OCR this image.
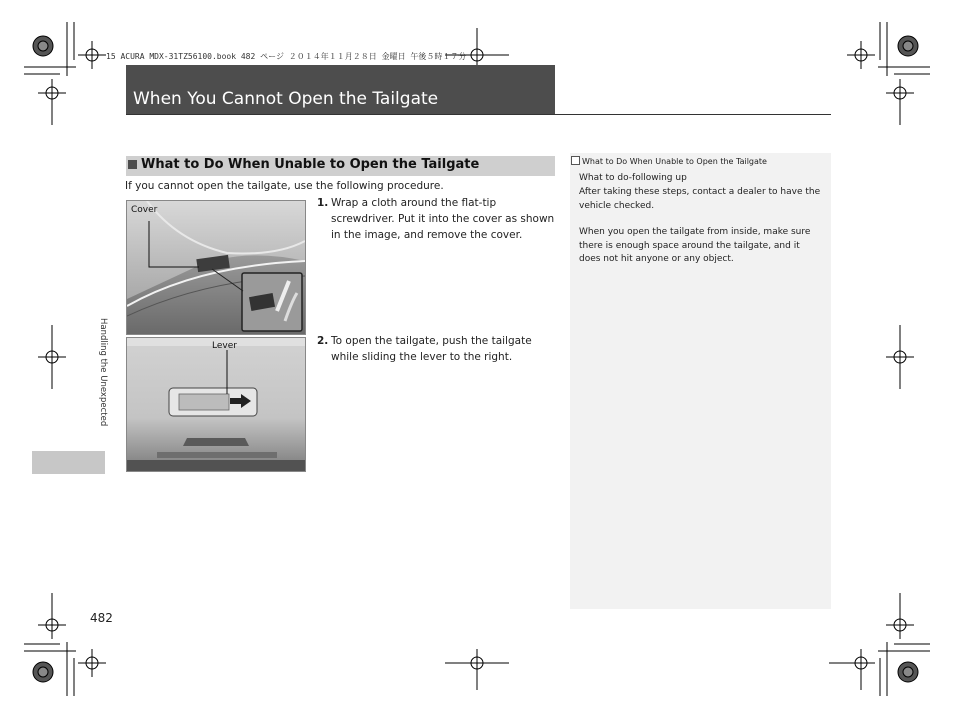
15 ACURA MDX-31TZ56100.book 482 ページ ２０１４年１１月２８日 金曜日 午後５時１７分
When You Cannot Open the Tailgate
What to Do When Unable to Open the Tailgate
If you cannot open the tailgate, use the following procedure.
Cover
Lever
1. Wrap a cloth around the flat-tip
screwdriver. Put it into the cover as shown
in the image, and remove the cover.
2. To open the tailgate, push the tailgate
while sliding the lever to the right.
What to Do When Unable to Open the Tailgate
What to do-following up
After taking these steps, contact a dealer to have the
vehicle checked.
When you open the tailgate from inside, make sure
there is enough space around the tailgate, and it
does not hit anyone or any object.
Handling the Unexpected
482
